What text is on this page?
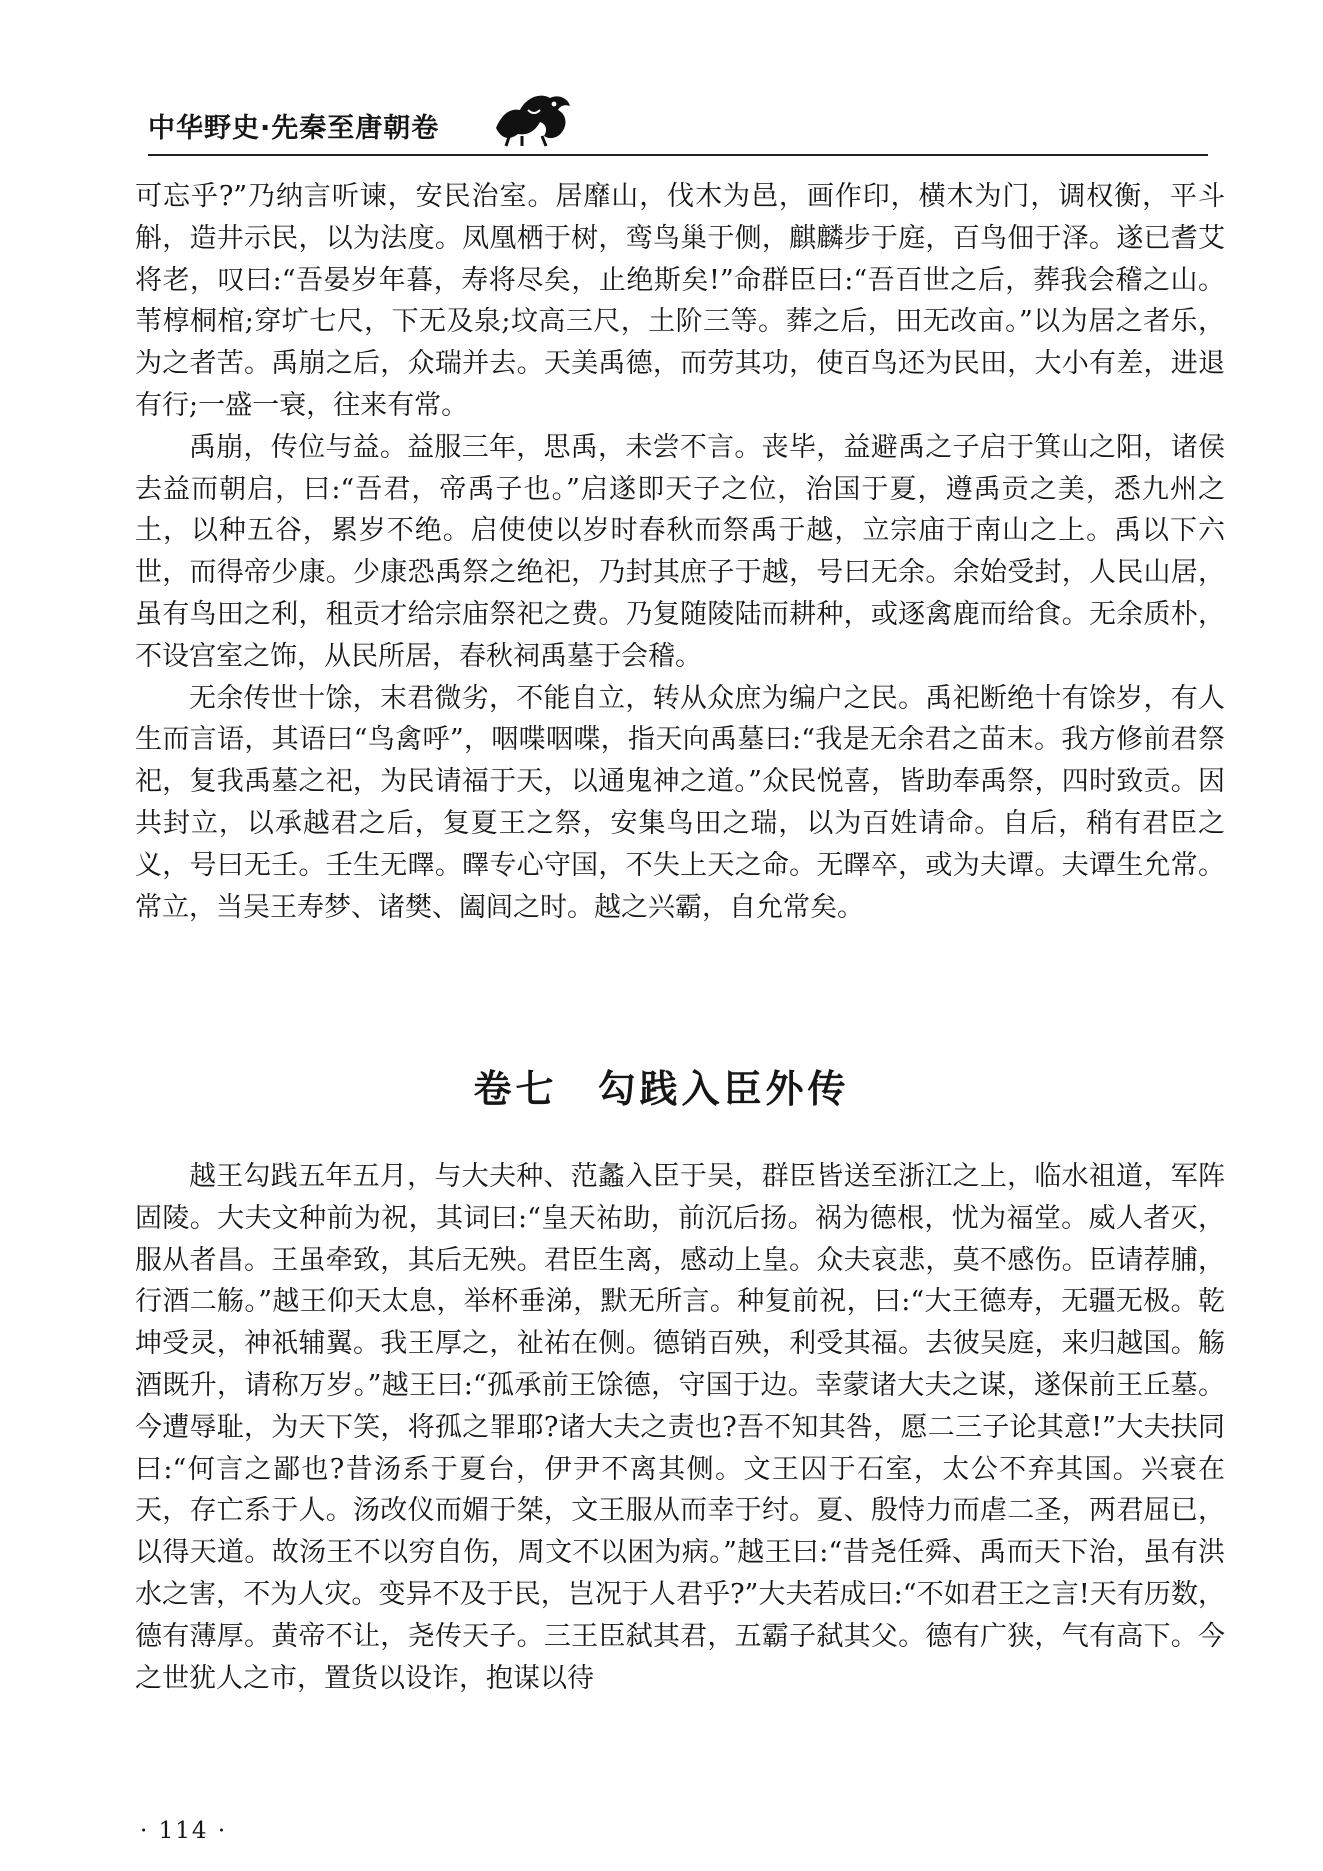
中华野史·先秦至唐朝卷

可忘乎?”乃纳言听谏，安民治室。居靡山，伐木为邑，画作印，横木为门，调权衡，平斗斛，造井示民，以为法度。凤凰栖于树，鸾鸟巢于侧，麒麟步于庭，百鸟佃于泽。遂已耆艾将老，叹曰:“吾晏岁年暮，寿将尽矣，止绝斯矣!”命群臣曰:“吾百世之后，葬我会稽之山。苇椁桐棺;穿圹七尺，下无及泉;坟高三尺，土阶三等。葬之后，田无改亩。”以为居之者乐，为之者苦。禹崩之后，众瑞并去。天美禹德，而劳其功，使百鸟还为民田，大小有差，进退有行;一盛一衰，往来有常。

禹崩，传位与益。益服三年，思禹，未尝不言。丧毕，益避禹之子启于箕山之阳，诸侯去益而朝启，曰:“吾君，帝禹子也。”启遂即天子之位，治国于夏，遵禹贡之美，悉九州之土，以种五谷，累岁不绝。启使使以岁时春秋而祭禹于越，立宗庙于南山之上。禹以下六世，而得帝少康。少康恐禹祭之绝祀，乃封其庶子于越，号曰无余。余始受封，人民山居，虽有鸟田之利，租贡才给宗庙祭祀之费。乃复随陵陆而耕种，或逐禽鹿而给食。无余质朴，不设宫室之饰，从民所居，春秋祠禹墓于会稽。

无余传世十馀，末君微劣，不能自立，转从众庶为编户之民。禹祀断绝十有馀岁，有人生而言语，其语曰“鸟禽呼”，咽喋咽喋，指天向禹墓曰:“我是无余君之苗末。我方修前君祭祀，复我禹墓之祀，为民请福于天，以通鬼神之道。”众民悦喜，皆助奉禹祭，四时致贡。因共封立，以承越君之后，复夏王之祭，安集鸟田之瑞，以为百姓请命。自后，稍有君臣之义，号曰无壬。壬生无曎。曎专心守国，不失上天之命。无曎卒，或为夫谭。夫谭生允常。常立，当吴王寿梦、诸樊、阖闾之时。越之兴霸，自允常矣。

卷七 勾践入臣外传

越王勾践五年五月，与大夫种、范蠡入臣于吴，群臣皆送至浙江之上，临水祖道，军阵固陵。大夫文种前为祝，其词曰:“皇天祐助，前沉后扬。祸为德根，忧为福堂。威人者灭，服从者昌。王虽牵致，其后无殃。君臣生离，感动上皇。众夫哀悲，莫不感伤。臣请荐脯，行酒二觞。”越王仰天太息，举杯垂涕，默无所言。种复前祝，曰:“大王德寿，无疆无极。乾坤受灵，神祇辅翼。我王厚之，祉祐在侧。德销百殃，利受其福。去彼吴庭，来归越国。觞酒既升，请称万岁。”越王曰:“孤承前王馀德，守国于边。幸蒙诸大夫之谋，遂保前王丘墓。今遭辱耻，为天下笑，将孤之罪耶?诸大夫之责也?吾不知其咎，愿二三子论其意!”大夫扶同曰:“何言之鄙也?昔汤系于夏台，伊尹不离其侧。文王囚于石室，太公不弃其国。兴衰在天，存亡系于人。汤改仪而媚于桀，文王服从而幸于纣。夏、殷恃力而虐二圣，两君屈已，以得天道。故汤王不以穷自伤，周文不以困为病。”越王曰:“昔尧任舜、禹而天下治，虽有洪水之害，不为人灾。变异不及于民，岂况于人君乎?”大夫若成曰:“不如君王之言!天有历数，德有薄厚。黄帝不让，尧传天子。三王臣弑其君，五霸子弑其父。德有广狭，气有高下。今之世犹人之市，置货以设诈，抱谋以待

· 114 ·
